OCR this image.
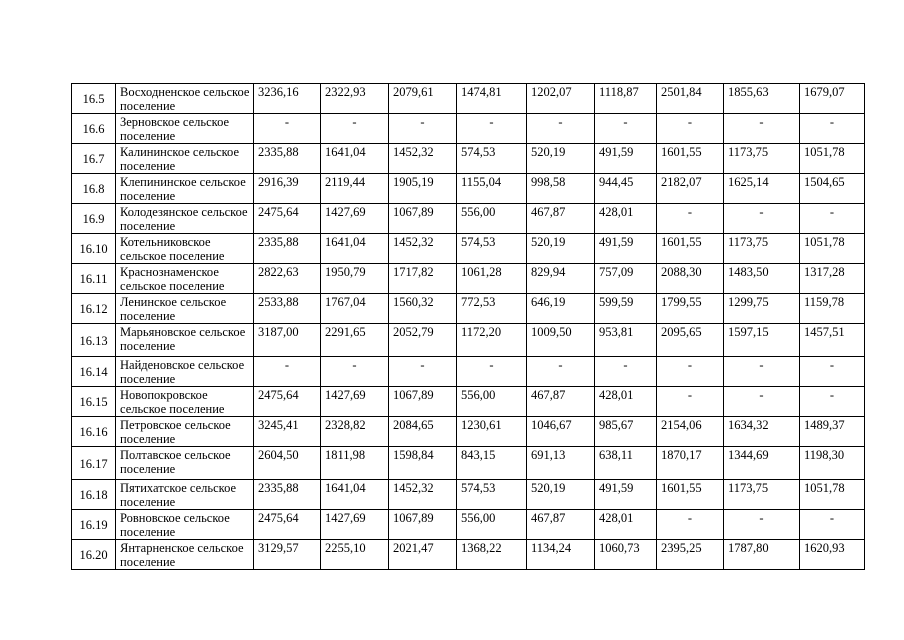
16.5	Восходненское сельское поселение	3236,16	2322,93	2079,61	1474,81	1202,07	1118,87	2501,84	1855,63	1679,07
16.6	Зерновское сельское поселение	-	-	-	-	-	-	-	-	-
16.7	Калининское сельское поселение	2335,88	1641,04	1452,32	574,53	520,19	491,59	1601,55	1173,75	1051,78
16.8	Клепининское сельское поселение	2916,39	2119,44	1905,19	1155,04	998,58	944,45	2182,07	1625,14	1504,65
16.9	Колодезянское сельское поселение	2475,64	1427,69	1067,89	556,00	467,87	428,01	-	-	-
16.10	Котельниковское сельское поселение	2335,88	1641,04	1452,32	574,53	520,19	491,59	1601,55	1173,75	1051,78
16.11	Краснознаменское сельское поселение	2822,63	1950,79	1717,82	1061,28	829,94	757,09	2088,30	1483,50	1317,28
16.12	Ленинское сельское поселение	2533,88	1767,04	1560,32	772,53	646,19	599,59	1799,55	1299,75	1159,78
16.13	Марьяновское сельское поселение	3187,00	2291,65	2052,79	1172,20	1009,50	953,81	2095,65	1597,15	1457,51
16.14	Найденовское сельское поселение	-	-	-	-	-	-	-	-	-
16.15	Новопокровское сельское поселение	2475,64	1427,69	1067,89	556,00	467,87	428,01	-	-	-
16.16	Петровское сельское поселение	3245,41	2328,82	2084,65	1230,61	1046,67	985,67	2154,06	1634,32	1489,37
16.17	Полтавское сельское поселение	2604,50	1811,98	1598,84	843,15	691,13	638,11	1870,17	1344,69	1198,30
16.18	Пятихатское сельское поселение	2335,88	1641,04	1452,32	574,53	520,19	491,59	1601,55	1173,75	1051,78
16.19	Ровновское сельское поселение	2475,64	1427,69	1067,89	556,00	467,87	428,01	-	-	-
16.20	Янтарненское сельское поселение	3129,57	2255,10	2021,47	1368,22	1134,24	1060,73	2395,25	1787,80	1620,93
